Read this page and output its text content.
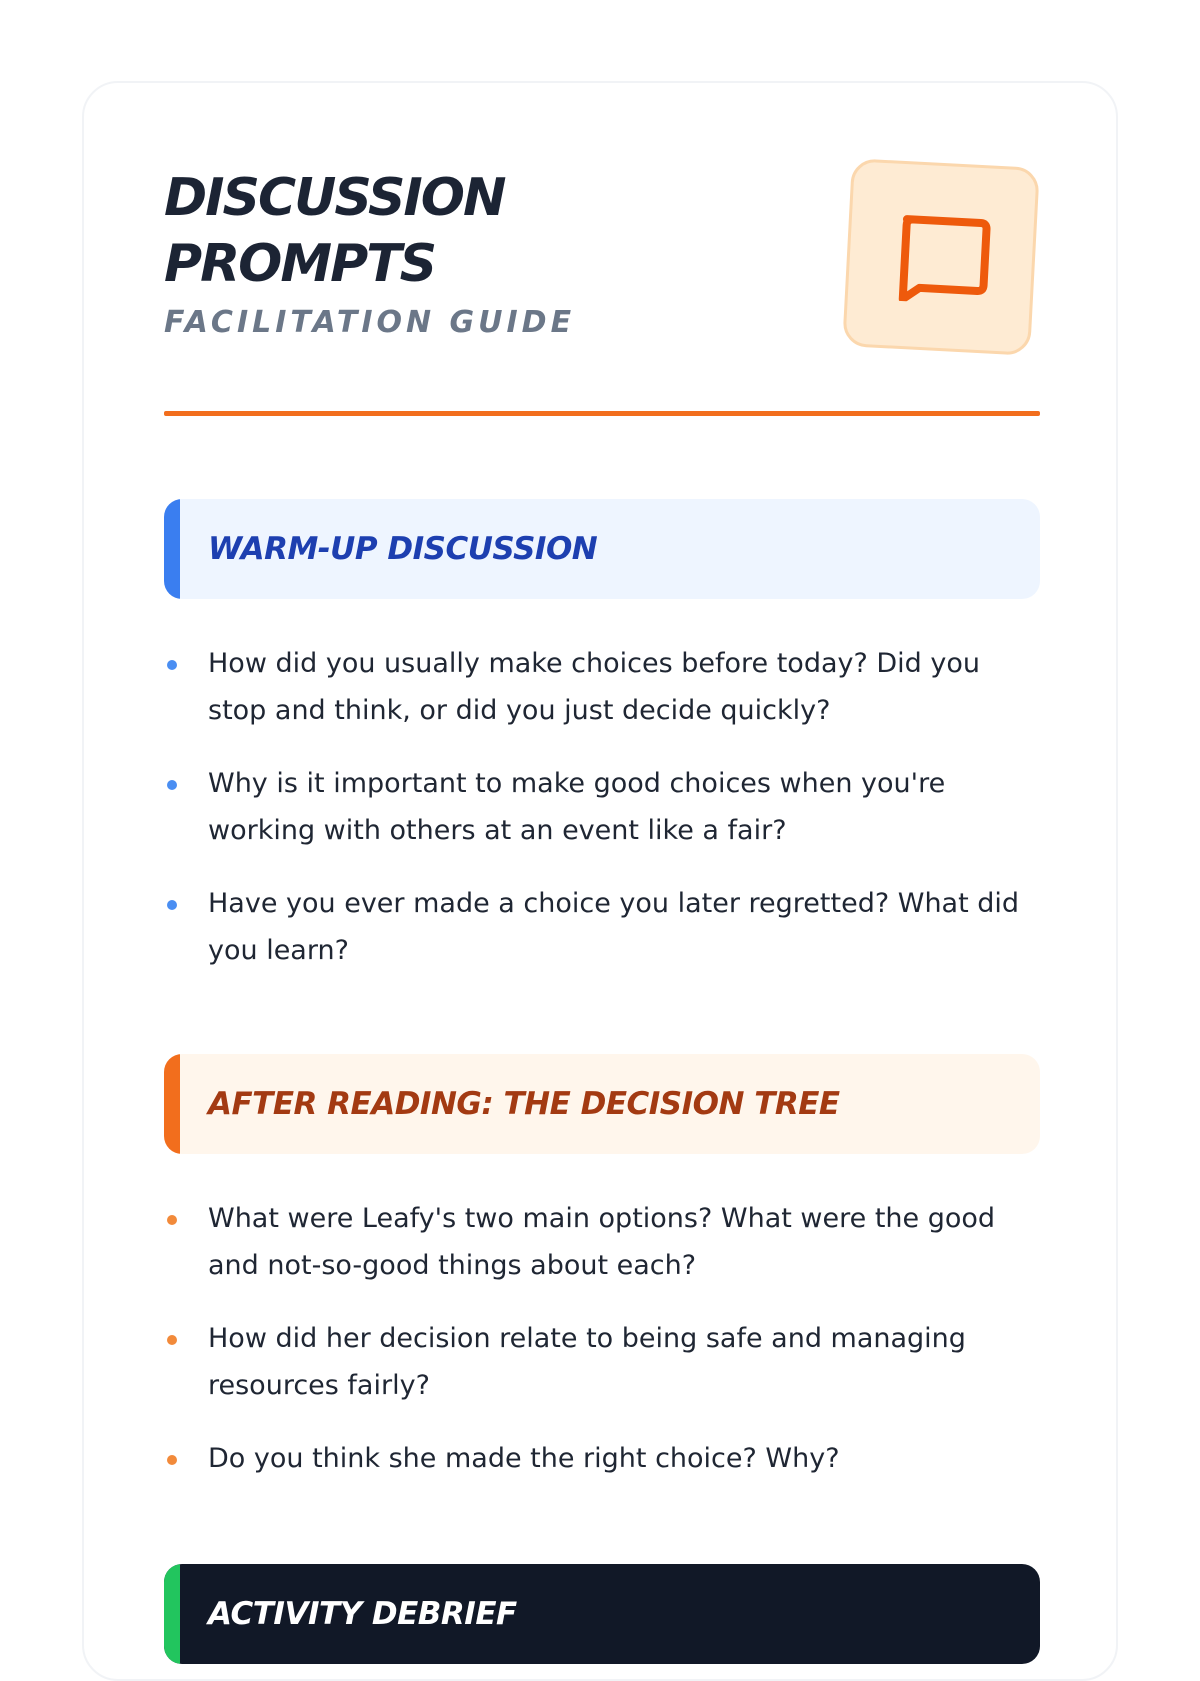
DISCUSSION PROMPTS
FACILITATION GUIDE
WARM-UP DISCUSSION
How did you usually make choices before today? Did you stop and think, or did you just decide quickly?
Why is it important to make good choices when you're working with others at an event like a fair?
Have you ever made a choice you later regretted? What did you learn?
AFTER READING: THE DECISION TREE
What were Leafy's two main options? What were the good and not-so-good things about each?
How did her decision relate to being safe and managing resources fairly?
Do you think she made the right choice? Why?
ACTIVITY DEBRIEF
